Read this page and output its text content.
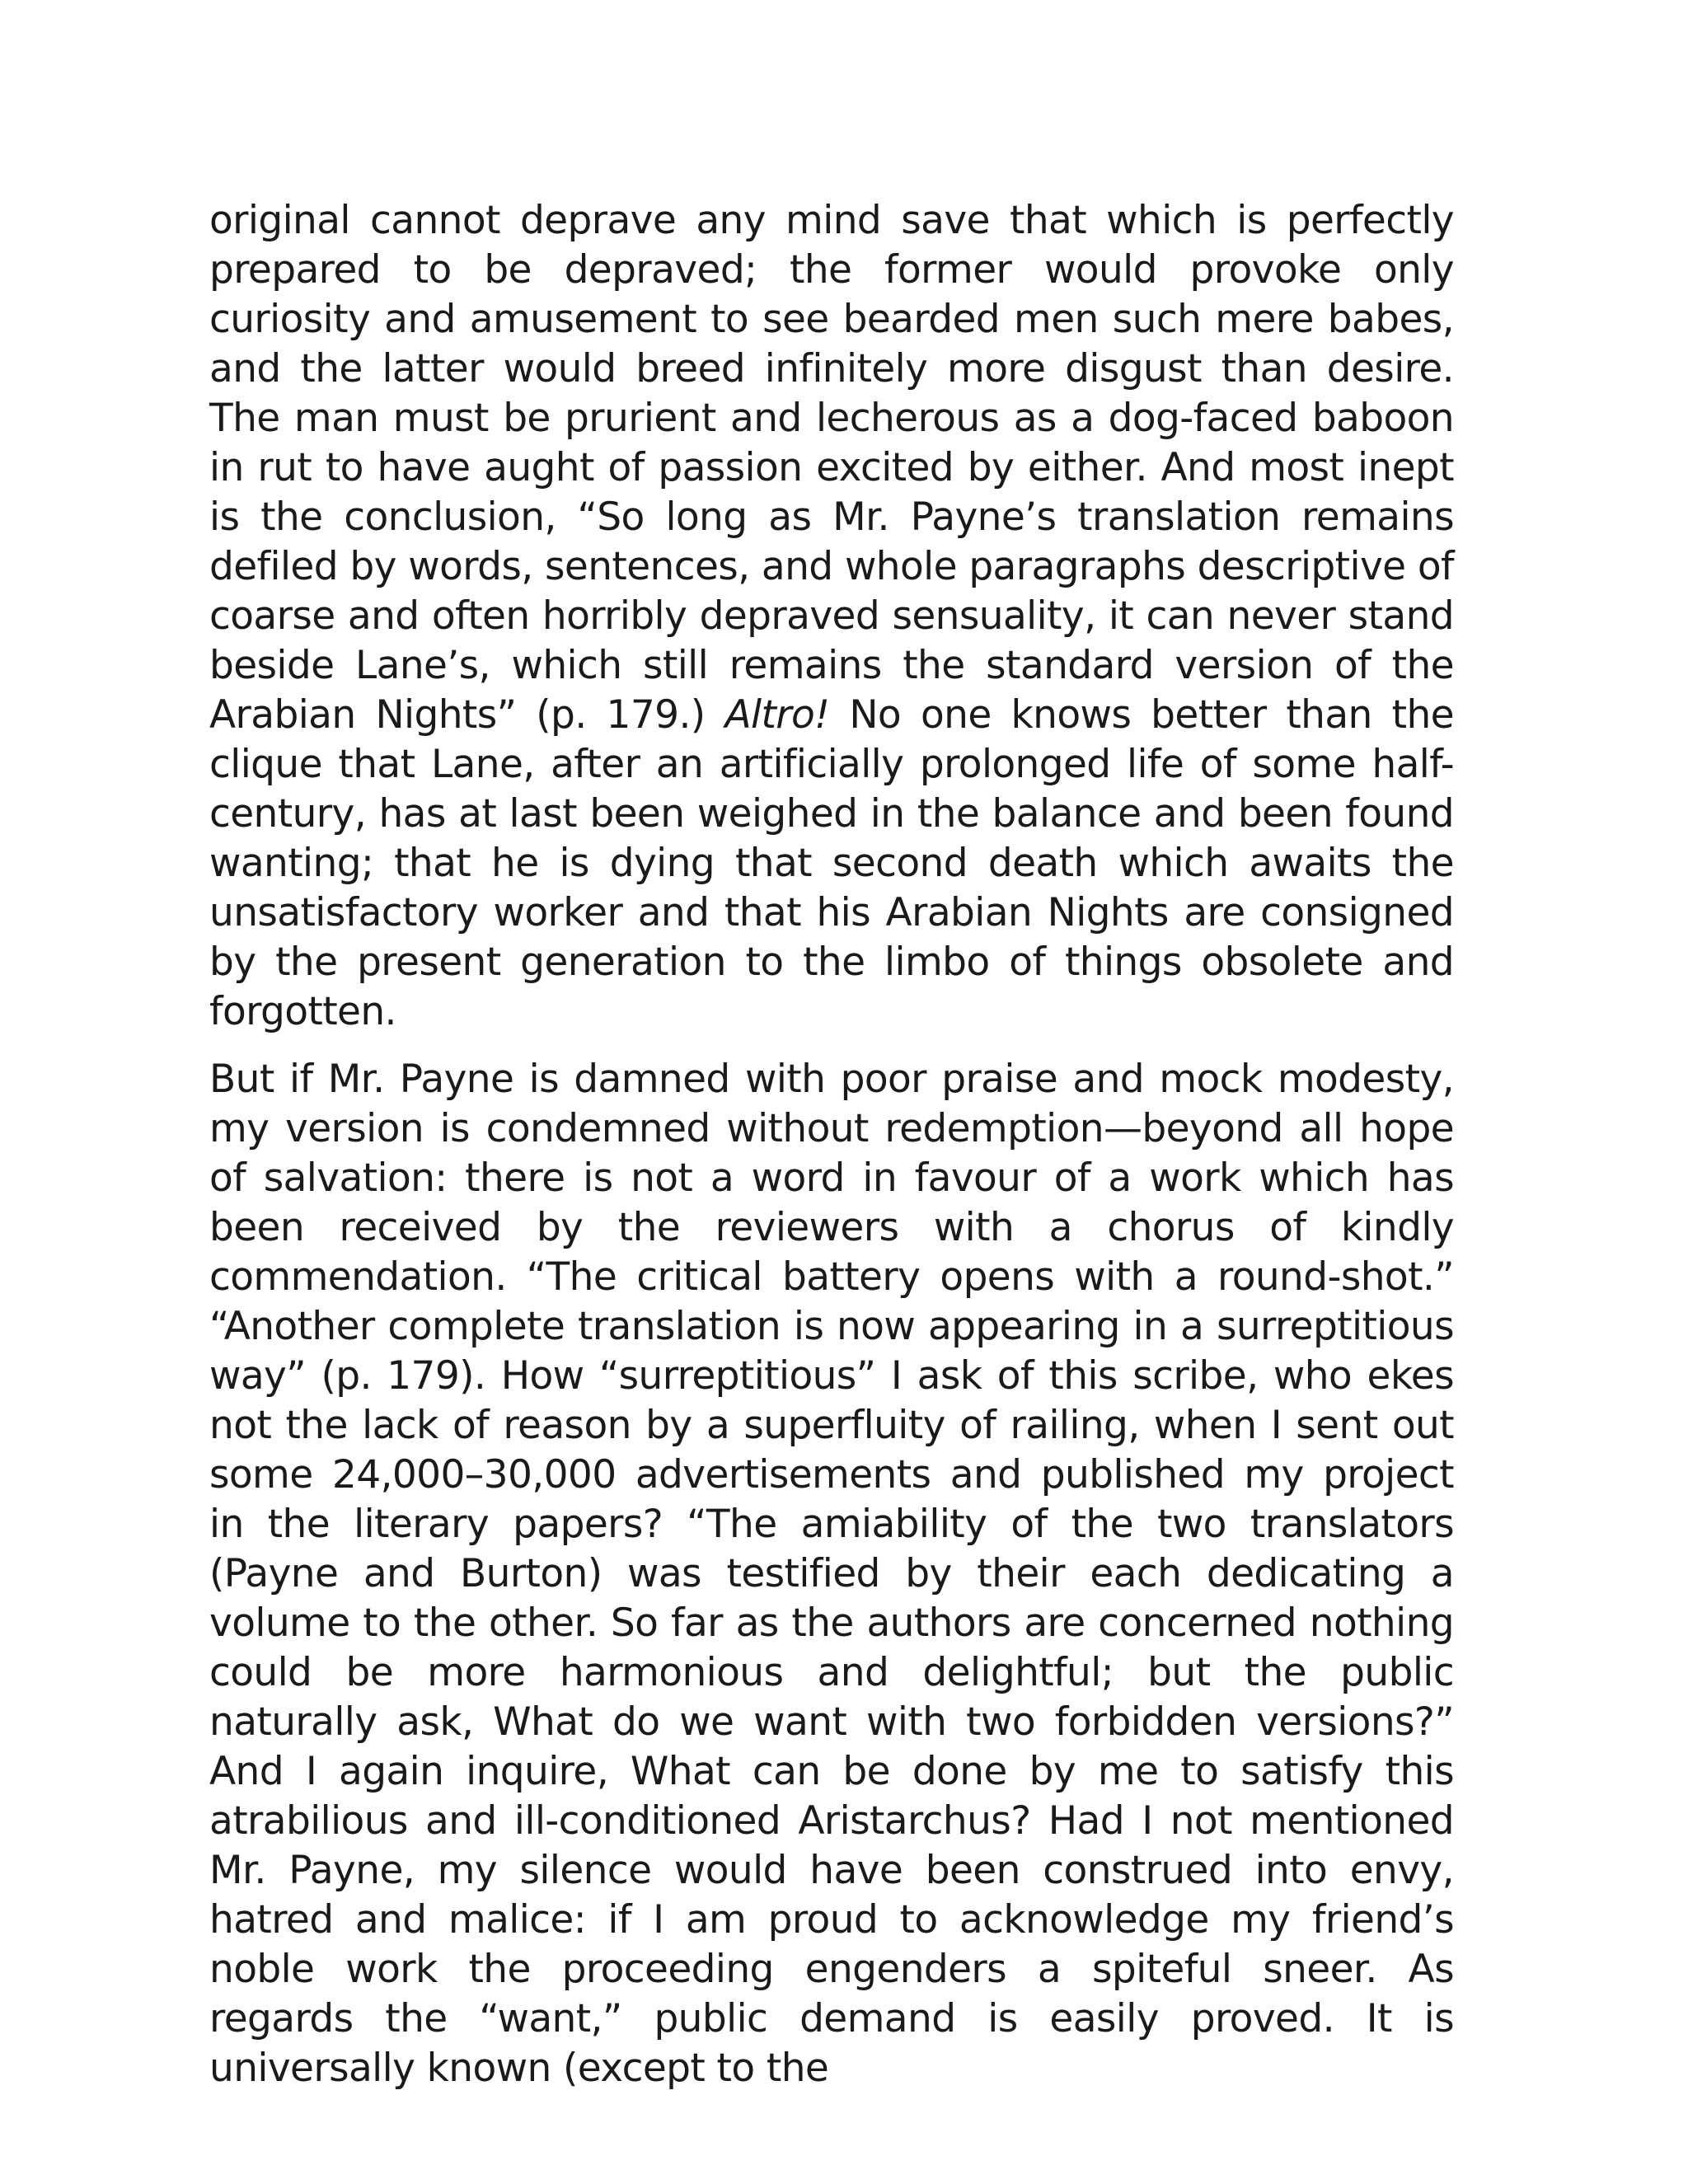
original cannot deprave any mind save that which is perfectly prepared to be depraved; the former would provoke only curiosity and amusement to see bearded men such mere babes, and the latter would breed infinitely more disgust than desire. The man must be prurient and lecherous as a dog-faced baboon in rut to have aught of passion excited by either. And most inept is the conclusion, “So long as Mr. Payne’s translation remains defiled by words, sentences, and whole paragraphs descriptive of coarse and often horribly depraved sensuality, it can never stand beside Lane’s, which still remains the standard version of the Arabian Nights” (p. 179.) Altro! No one knows better than the clique that Lane, after an artificially prolonged life of some half-century, has at last been weighed in the balance and been found wanting; that he is dying that second death which awaits the unsatisfactory worker and that his Arabian Nights are consigned by the present generation to the limbo of things obsolete and forgotten.

But if Mr. Payne is damned with poor praise and mock modesty, my version is condemned without redemption—beyond all hope of salvation: there is not a word in favour of a work which has been received by the reviewers with a chorus of kindly commendation. “The critical battery opens with a round-shot.” “Another complete translation is now appearing in a surreptitious way” (p. 179). How “surreptitious” I ask of this scribe, who ekes not the lack of reason by a superfluity of railing, when I sent out some 24,000–30,000 advertisements and published my project in the literary papers? “The amiability of the two translators (Payne and Burton) was testified by their each dedicating a volume to the other. So far as the authors are concerned nothing could be more harmonious and delightful; but the public naturally ask, What do we want with two forbidden versions?” And I again inquire, What can be done by me to satisfy this atrabilious and ill-conditioned Aristarchus? Had I not mentioned Mr. Payne, my silence would have been construed into envy, hatred and malice: if I am proud to acknowledge my friend’s noble work the proceeding engenders a spiteful sneer. As regards the “want,” public demand is easily proved. It is universally known (except to the
